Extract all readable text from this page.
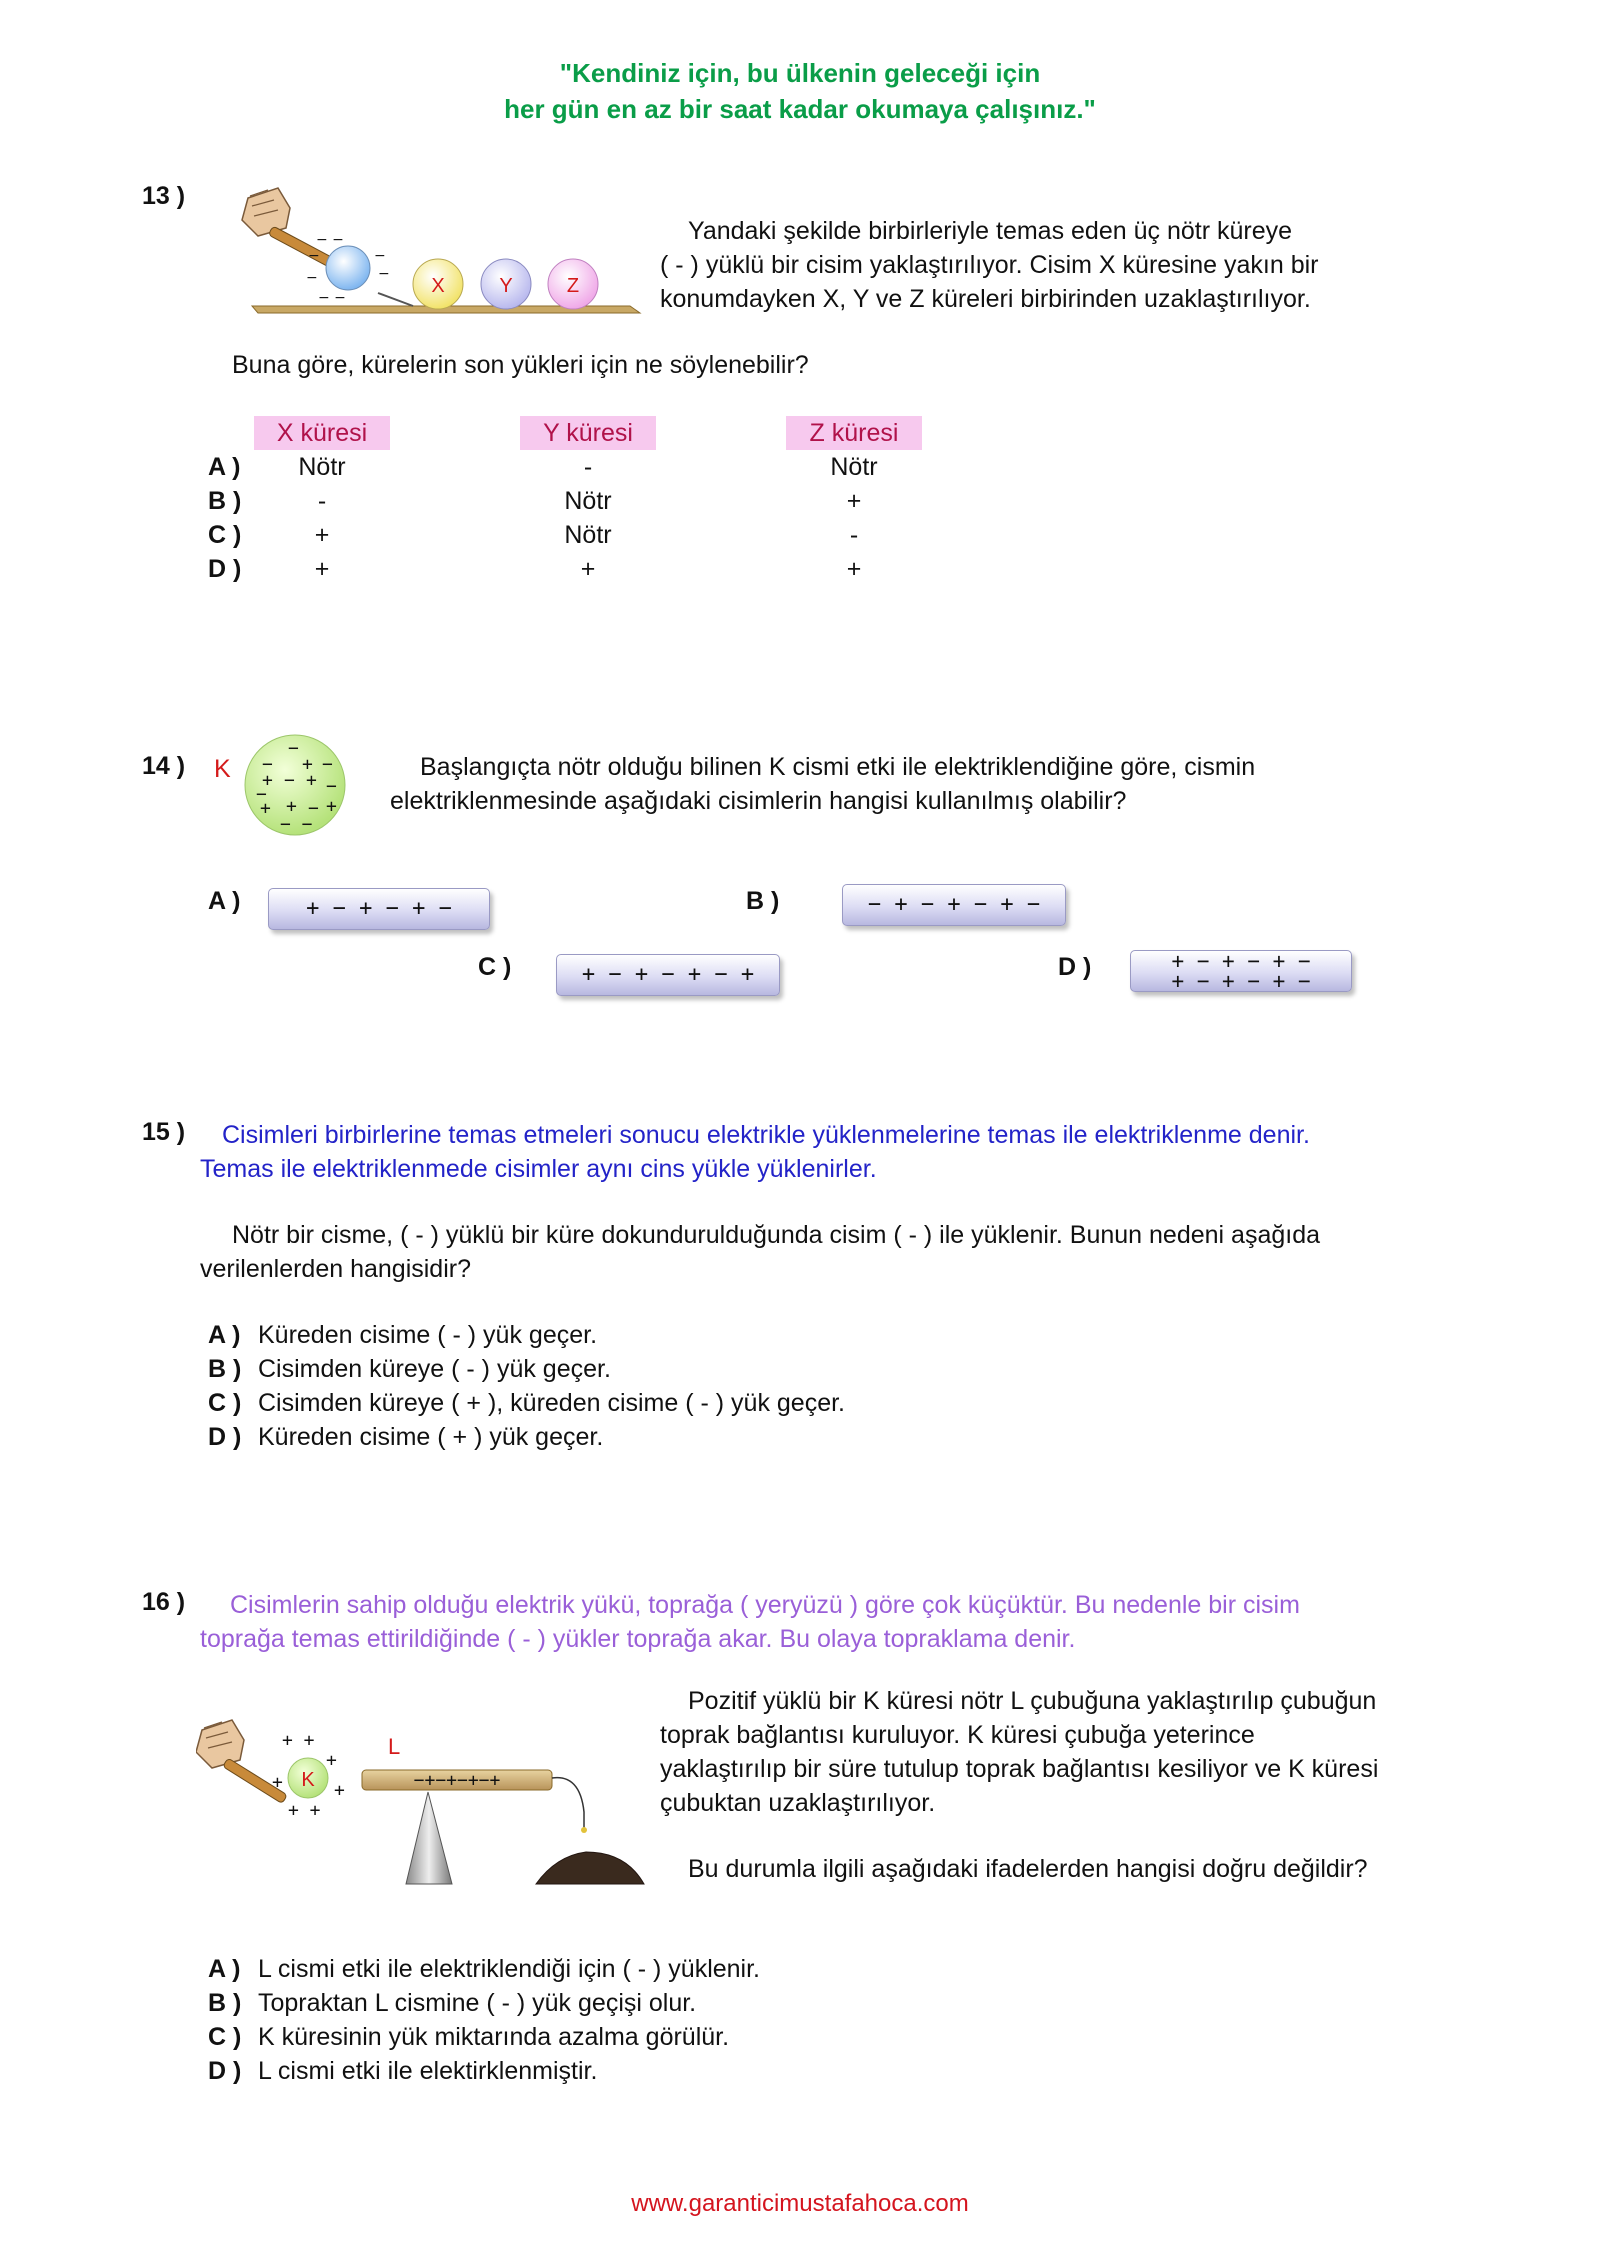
"Kendiniz için, bu ülkenin geleceği için
her gün en az bir saat kadar okumaya çalışınız."
13 )
− −
−	−
−	−
− −
X	Y	Z
Yandaki şekilde birbirleriyle temas eden üç nötr küreye
( - ) yüklü bir cisim yaklaştırılıyor. Cisim X küresine yakın bir
konumdayken X, Y ve Z küreleri birbirinden uzaklaştırılıyor.
Buna göre, kürelerin son yükleri için ne söylenebilir?
X küresi	Y küresi	Z küresi
A )	Nötr	-	Nötr
B )	-	Nötr	+
C )	+	Nötr	-
D )	+	+	+
14 ) K
−
− + −
+ − +
−	−
+ + − +
− −
Başlangıçta nötr olduğu bilinen K cismi etki ile elektriklendiğine göre, cismin
elektriklenmesinde aşağıdaki cisimlerin hangisi kullanılmış olabilir?
A )	+ − + − + −	B )	− + − + − + −
C )	+ − + − + − +	D )	+ − + − + −
+ − + − + −
15 ) Cisimleri birbirlerine temas etmeleri sonucu elektrikle yüklenmelerine temas ile elektriklenme denir.
Temas ile elektriklenmede cisimler aynı cins yükle yüklenirler.
Nötr bir cisme, ( - ) yüklü bir küre dokundurulduğunda cisim ( - ) ile yüklenir. Bunun nedeni aşağıda
verilenlerden hangisidir?
A ) Küreden cisime ( - ) yük geçer.
B ) Cisimden küreye ( - ) yük geçer.
C ) Cisimden küreye ( + ), küreden cisime ( - ) yük geçer.
D ) Küreden cisime ( + ) yük geçer.
16 ) Cisimlerin sahip olduğu elektrik yükü, toprağa ( yeryüzü ) göre çok küçüktür. Bu nedenle bir cisim
toprağa temas ettirildiğinde ( - ) yükler toprağa akar. Bu olaya topraklama denir.
K
+ +
+
+	+
+ +
L
−+−+−+−+
Pozitif yüklü bir K küresi nötr L çubuğuna yaklaştırılıp çubuğun
toprak bağlantısı kuruluyor. K küresi çubuğa yeterince
yaklaştırılıp bir süre tutulup toprak bağlantısı kesiliyor ve K küresi
çubuktan uzaklaştırılıyor.
Bu durumla ilgili aşağıdaki ifadelerden hangisi doğru değildir?
A ) L cismi etki ile elektriklendiği için ( - ) yüklenir.
B ) Topraktan L cismine ( - ) yük geçişi olur.
C ) K küresinin yük miktarında azalma görülür.
D ) L cismi etki ile elektirklenmiştir.
www.garanticimustafahoca.com
